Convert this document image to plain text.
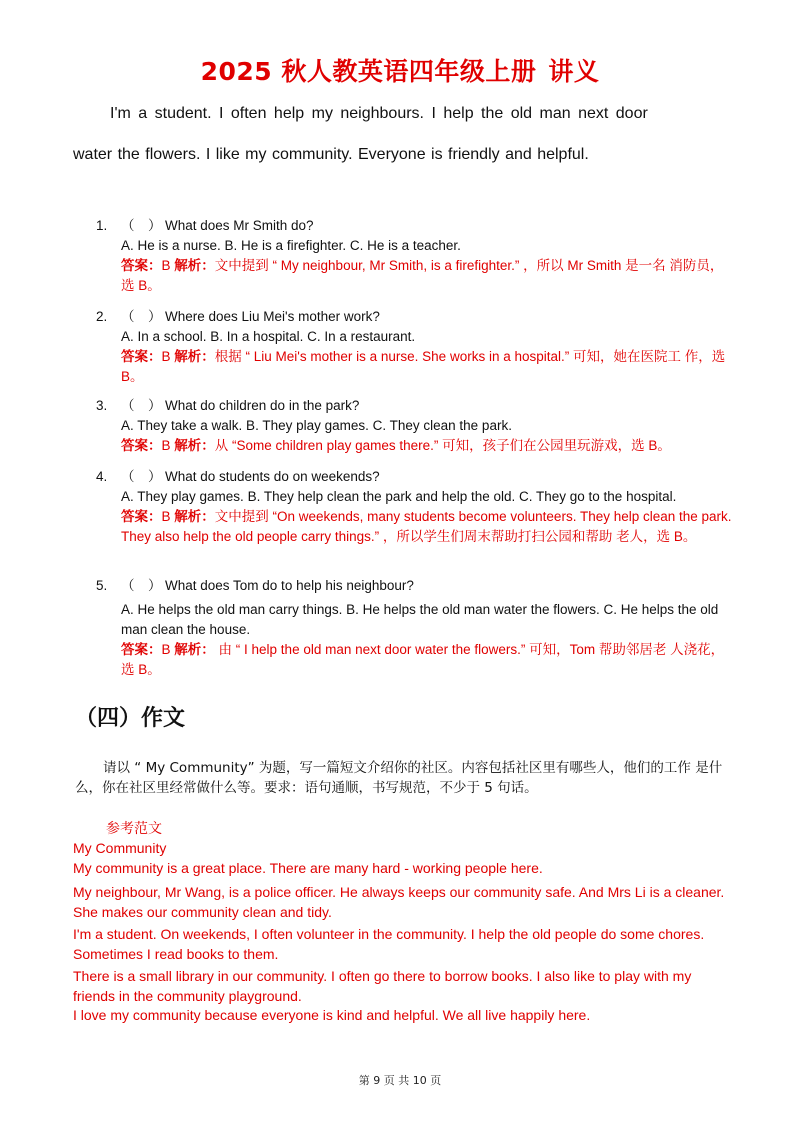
2025 秋人教英语四年级上册 讲义
I'm a student. I often help my neighbours. I help the old man next door
water the flowers. I like my community. Everyone is friendly and helpful.
1.	（　） What does Mr Smith do?
A. He is a nurse. B. He is a firefighter. C. He is a teacher.
答案：B 解析：文中提到 “ My neighbour, Mr Smith, is a firefighter.” ，所以 Mr Smith 是一名 消防员，选 B。
2.	（　） Where does Liu Mei's mother work?
A. In a school. B. In a hospital. C. In a restaurant.
答案：B 解析：根据 “ Liu Mei's mother is a nurse. She works in a hospital.” 可知，她在医院工 作，选 B。
3.	（　） What do children do in the park?
A. They take a walk. B. They play games. C. They clean the park.
答案：B 解析：从 “Some children play games there.” 可知，孩子们在公园里玩游戏，选 B。
4.	（　） What do students do on weekends?
A. They play games. B. They help clean the park and help the old. C. They go to the hospital.
答案：B 解析：文中提到 “On weekends, many students become volunteers. They help clean the park. They also help the old people carry things.” ，所以学生们周末帮助打扫公园和帮助 老人，选 B。
5.	（　） What does Tom do to help his neighbour?
A. He helps the old man carry things. B. He helps the old man water the flowers. C. He helps the old man clean the house.
答案：B 解析： 由 “ I help the old man next door water the flowers.” 可知，Tom 帮助邻居老 人浇花，选 B。
（四）作文
请以 “ My Community” 为题，写一篇短文介绍你的社区。内容包括社区里有哪些人，他们的工作 是什么，你在社区里经常做什么等。要求：语句通顺，书写规范，不少于 5 句话。
参考范文
My Community
My community is a great place. There are many hard - working people here.
My neighbour, Mr Wang, is a police officer. He always keeps our community safe. And Mrs Li is a cleaner. She makes our community clean and tidy.
I'm a student. On weekends, I often volunteer in the community. I help the old people do some chores. Sometimes I read books to them.
There is a small library in our community. I often go there to borrow books. I also like to play with my friends in the community playground.
I love my community because everyone is kind and helpful. We all live happily here.
第 9 页 共 10 页
